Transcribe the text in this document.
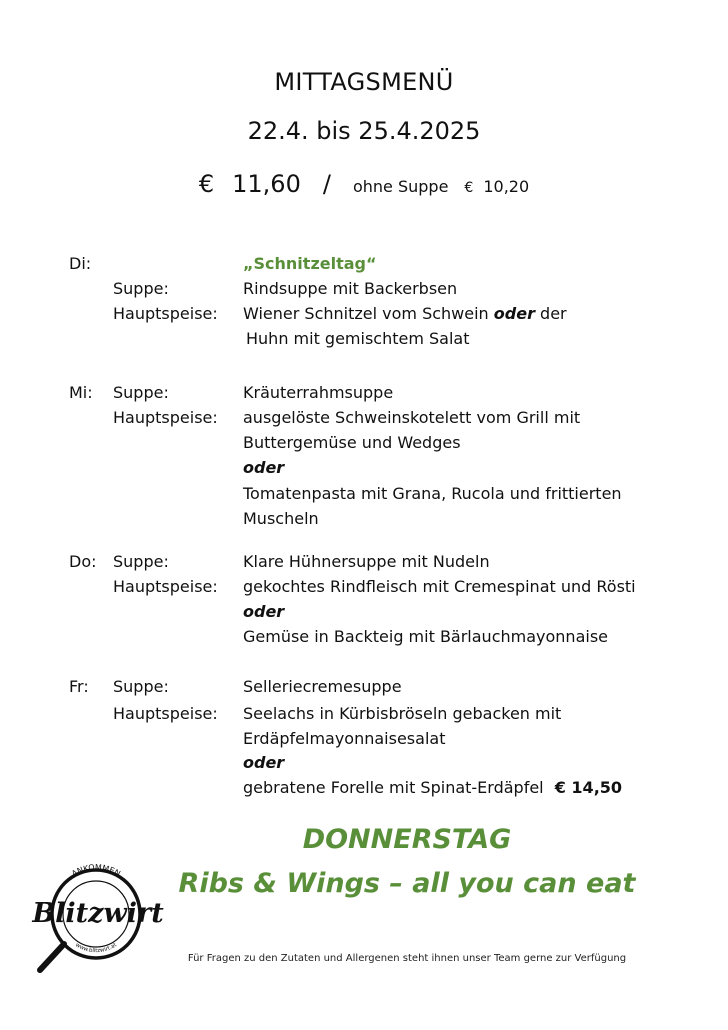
MITTAGSMENÜ
22.4. bis 25.4.2025
€ 11,60 / ohne Suppe € 10,20
Di:	„Schnitzeltag“
Suppe:	Rindsuppe mit Backerbsen
Hauptspeise: Wiener Schnitzel vom Schwein oder der
Huhn mit gemischtem Salat
Mi: Suppe:	Kräuterrahmsuppe
Hauptspeise: ausgelöste Schweinskotelett vom Grill mit
Buttergemüse und Wedges
oder
Tomatenpasta mit Grana, Rucola und frittierten
Muscheln
Do: Suppe:	Klare Hühnersuppe mit Nudeln
Hauptspeise: gekochtes Rindfleisch mit Cremespinat und Rösti
oder
Gemüse in Backteig mit Bärlauchmayonnaise
Fr: Suppe:	Selleriecremesuppe
Hauptspeise: Seelachs in Kürbisbröseln gebacken mit
Erdäpfelmayonnaisesalat
oder
gebratene Forelle mit Spinat-Erdäpfel € 14,50
DONNERSTAG
Ribs & Wings – all you can eat
ANKOMMEN
Blitzwirt
www.blitzwirt.at
Für Fragen zu den Zutaten und Allergenen steht ihnen unser Team gerne zur Verfügung
